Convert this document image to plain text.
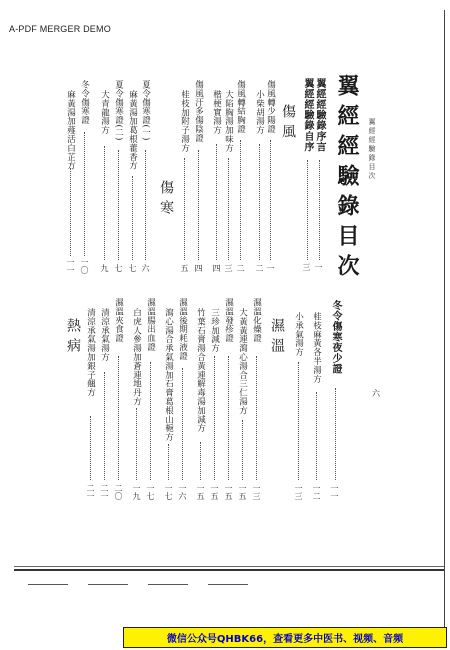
A-PDF MERGER DEMO
翼經經驗錄目次
翼經經驗錄目次
翼經經驗錄序言
一
翼經經驗錄自序
三
傷風
傷風轉少陽證
一
小柴胡湯方
二
傷風轉結胸證
二
大陷胸湯加味方
三
楷梗實湯方
四
傷風汗多傷陰證
四
桂枝加附子湯方
五
傷寒
夏令傷寒證(一)
六
麻黃湯加葛根藿香方
七
夏令傷寒證(二)
七
大青龍湯方
九
冬令傷寒證
一〇
麻黃湯加薤活白芷方
一一
六
冬令傷寒夜少證
一一
桂枝麻黃各半湯方
一二
小承氣湯方
一三
濕溫
濕溫化燥證
一三
大黃黃連瀉心湯合三仁湯方
一五
濕溫發疹證
一五
三珍加減方
一五
竹葉石膏湯合黃連解毒湯加減方
一五
濕溫後期耗液證
一六
瀉心湯合承氣湯加石膏葛根山梔方
一七
濕溫腸出血證
一七
白虎人參湯加蒼連地丹方
一九
濕溫夾食證
二〇
清涼承氣湯方
二一
清涼承氣湯加銀子翹方
二一
熱病
微信公众号QHBK66，查看更多中医书、视频、音频
